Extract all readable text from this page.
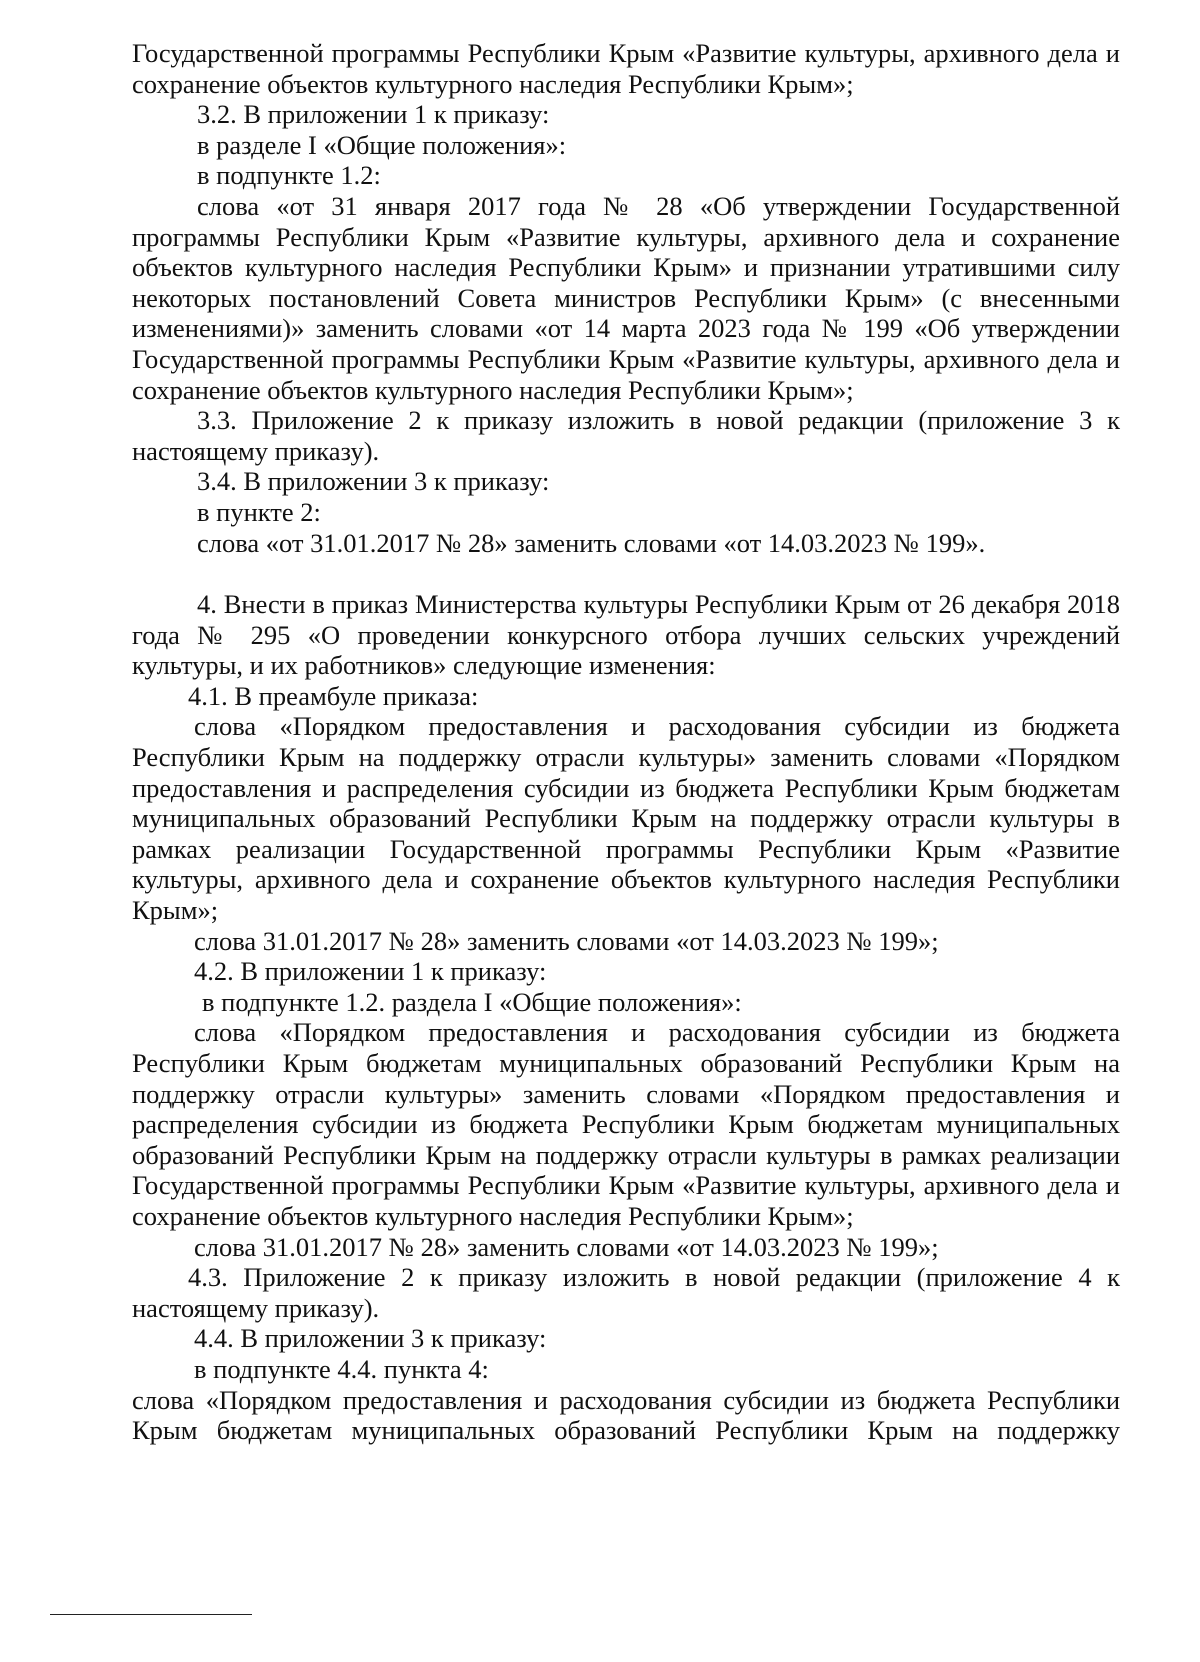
Государственной программы Республики Крым «Развитие культуры, архивного дела и сохранение объектов культурного наследия Республики Крым»;

3.2. В приложении 1 к приказу:

в разделе I «Общие положения»:

в подпункте 1.2:

слова «от 31 января 2017 года № 28 «Об утверждении Государственной программы Республики Крым «Развитие культуры, архивного дела и сохранение объектов культурного наследия Республики Крым» и признании утратившими силу некоторых постановлений Совета министров Республики Крым» (с внесенными изменениями)» заменить словами «от 14 марта 2023 года № 199 «Об утверждении Государственной программы Республики Крым «Развитие культуры, архивного дела и сохранение объектов культурного наследия Республики Крым»;

3.3. Приложение 2 к приказу изложить в новой редакции (приложение 3 к настоящему приказу).

3.4. В приложении 3 к приказу:

в пункте 2:

слова «от 31.01.2017 № 28» заменить словами «от 14.03.2023 № 199».

4. Внести в приказ Министерства культуры Республики Крым от 26 декабря 2018 года № 295 «О проведении конкурсного отбора лучших сельских учреждений культуры, и их работников» следующие изменения:

4.1. В преамбуле приказа:

слова «Порядком предоставления и расходования субсидии из бюджета Республики Крым на поддержку отрасли культуры» заменить словами «Порядком предоставления и распределения субсидии из бюджета Республики Крым бюджетам муниципальных образований Республики Крым на поддержку отрасли культуры в рамках реализации Государственной программы Республики Крым «Развитие культуры, архивного дела и сохранение объектов культурного наследия Республики Крым»;

слова 31.01.2017 № 28» заменить словами «от 14.03.2023 № 199»;

4.2. В приложении 1 к приказу:

в подпункте 1.2. раздела I «Общие положения»:

слова «Порядком предоставления и расходования субсидии из бюджета Республики Крым бюджетам муниципальных образований Республики Крым на поддержку отрасли культуры» заменить словами «Порядком предоставления и распределения субсидии из бюджета Республики Крым бюджетам муниципальных образований Республики Крым на поддержку отрасли культуры в рамках реализации Государственной программы Республики Крым «Развитие культуры, архивного дела и сохранение объектов культурного наследия Республики Крым»;

слова 31.01.2017 № 28» заменить словами «от 14.03.2023 № 199»;

4.3. Приложение 2 к приказу изложить в новой редакции (приложение 4 к настоящему приказу).

4.4. В приложении 3 к приказу:

в подпункте 4.4. пункта 4:

слова «Порядком предоставления и расходования субсидии из бюджета Республики Крым бюджетам муниципальных образований Республики Крым на поддержку
